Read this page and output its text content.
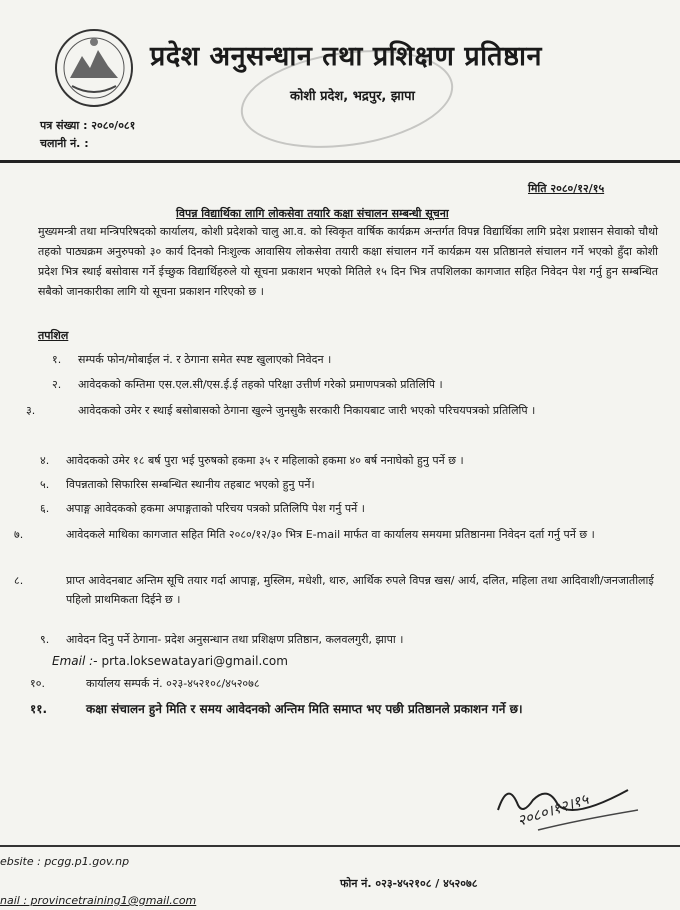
प्रदेश अनुसन्धान तथा प्रशिक्षण प्रतिष्ठान
कोशी प्रदेश, भद्रपुर, झापा
पत्र संख्या : २०८०/०८१
चलानी नं. :
मिति २०८०/१२/१५
विपन्न विद्यार्थिका लागि लोकसेवा तयारि कक्षा संचालन सम्बन्धी सूचना
मुख्यमन्त्री तथा मन्त्रिपरिषदको कार्यालय, कोशी प्रदेशको चालु आ.व. को स्विकृत वार्षिक कार्यक्रम अन्तर्गत विपन्न विद्यार्थिका लागि प्रदेश प्रशासन सेवाको चौथो तहको पाठ्यक्रम अनुरुपको ३० कार्य दिनको निःशुल्क आवासिय लोकसेवा तयारी कक्षा संचालन गर्ने कार्यक्रम यस प्रतिष्ठानले संचालन गर्ने भएको हुँदा कोशी प्रदेश भित्र स्थाई बसोवास गर्ने ईच्छुक विद्यार्थिहरुले यो सूचना प्रकाशन भएको मितिले १५ दिन भित्र तपशिलका कागजात सहित निवेदन पेश गर्नु हुन सम्बन्धित सबैको जानकारीका लागि यो सूचना प्रकाशन गरिएको छ ।
तपशिल
१. सम्पर्क फोन/मोबाईल नं. र ठेगाना समेत स्पष्ट खुलाएको निवेदन ।
२. आवेदकको कम्तिमा एस.एल.सी/एस.ई.ई तहको परिक्षा उत्तीर्ण गरेको प्रमाणपत्रको प्रतिलिपि ।
३.	आवेदकको उमेर र स्थाई बसोबासको ठेगाना खुल्ने जुनसुकै सरकारी निकायबाट जारी भएको परिचयपत्रको प्रतिलिपि ।
४. आवेदकको उमेर १८ बर्ष पुरा भई पुरुषको हकमा ३५ र महिलाको हकमा ४० बर्ष ननाघेको हुनु पर्ने छ ।
५. विपन्नताको सिफारिस सम्बन्धित स्थानीय तहबाट भएको हुनु पर्ने।
६. अपाङ्ग आवेदकको हकमा अपाङ्गताको परिचय पत्रको प्रतिलिपि पेश गर्नु पर्ने ।
७.	आवेदकले माथिका कागजात सहित मिति २०८०/१२/३० भित्र E-mail मार्फत वा कार्यालय समयमा प्रतिष्ठानमा निवेदन दर्ता गर्नु पर्ने छ ।
८.	प्राप्त आवेदनबाट अन्तिम सूचि तयार गर्दा आपाङ्ग, मुस्लिम, मधेशी, थारु, आर्थिक रुपले विपन्न खस/ आर्य, दलित, महिला तथा आदिवाशी/जनजातीलाई पहिलो प्राथमिकता दिईने छ ।
९. आवेदन दिनु पर्ने ठेगाना- प्रदेश अनुसन्धान तथा प्रशिक्षण प्रतिष्ठान, कलवलगुरी, झापा ।
Email :- prta.loksewatayari@gmail.com
१०.	कार्यालय सम्पर्क नं. ०२३-४५२१०८/४५२०७८
११.	कक्षा संचालन हुने मिति र समय आवेदनको अन्तिम मिति समाप्त भए पछी प्रतिष्ठानले प्रकाशन गर्ने छ।
२०८०।१२।१५
ebsite : pcgg.p1.gov.np
फोन नं. ०२३-४५२१०८ / ४५२०७८
nail : provincetraining1@gmail.com
